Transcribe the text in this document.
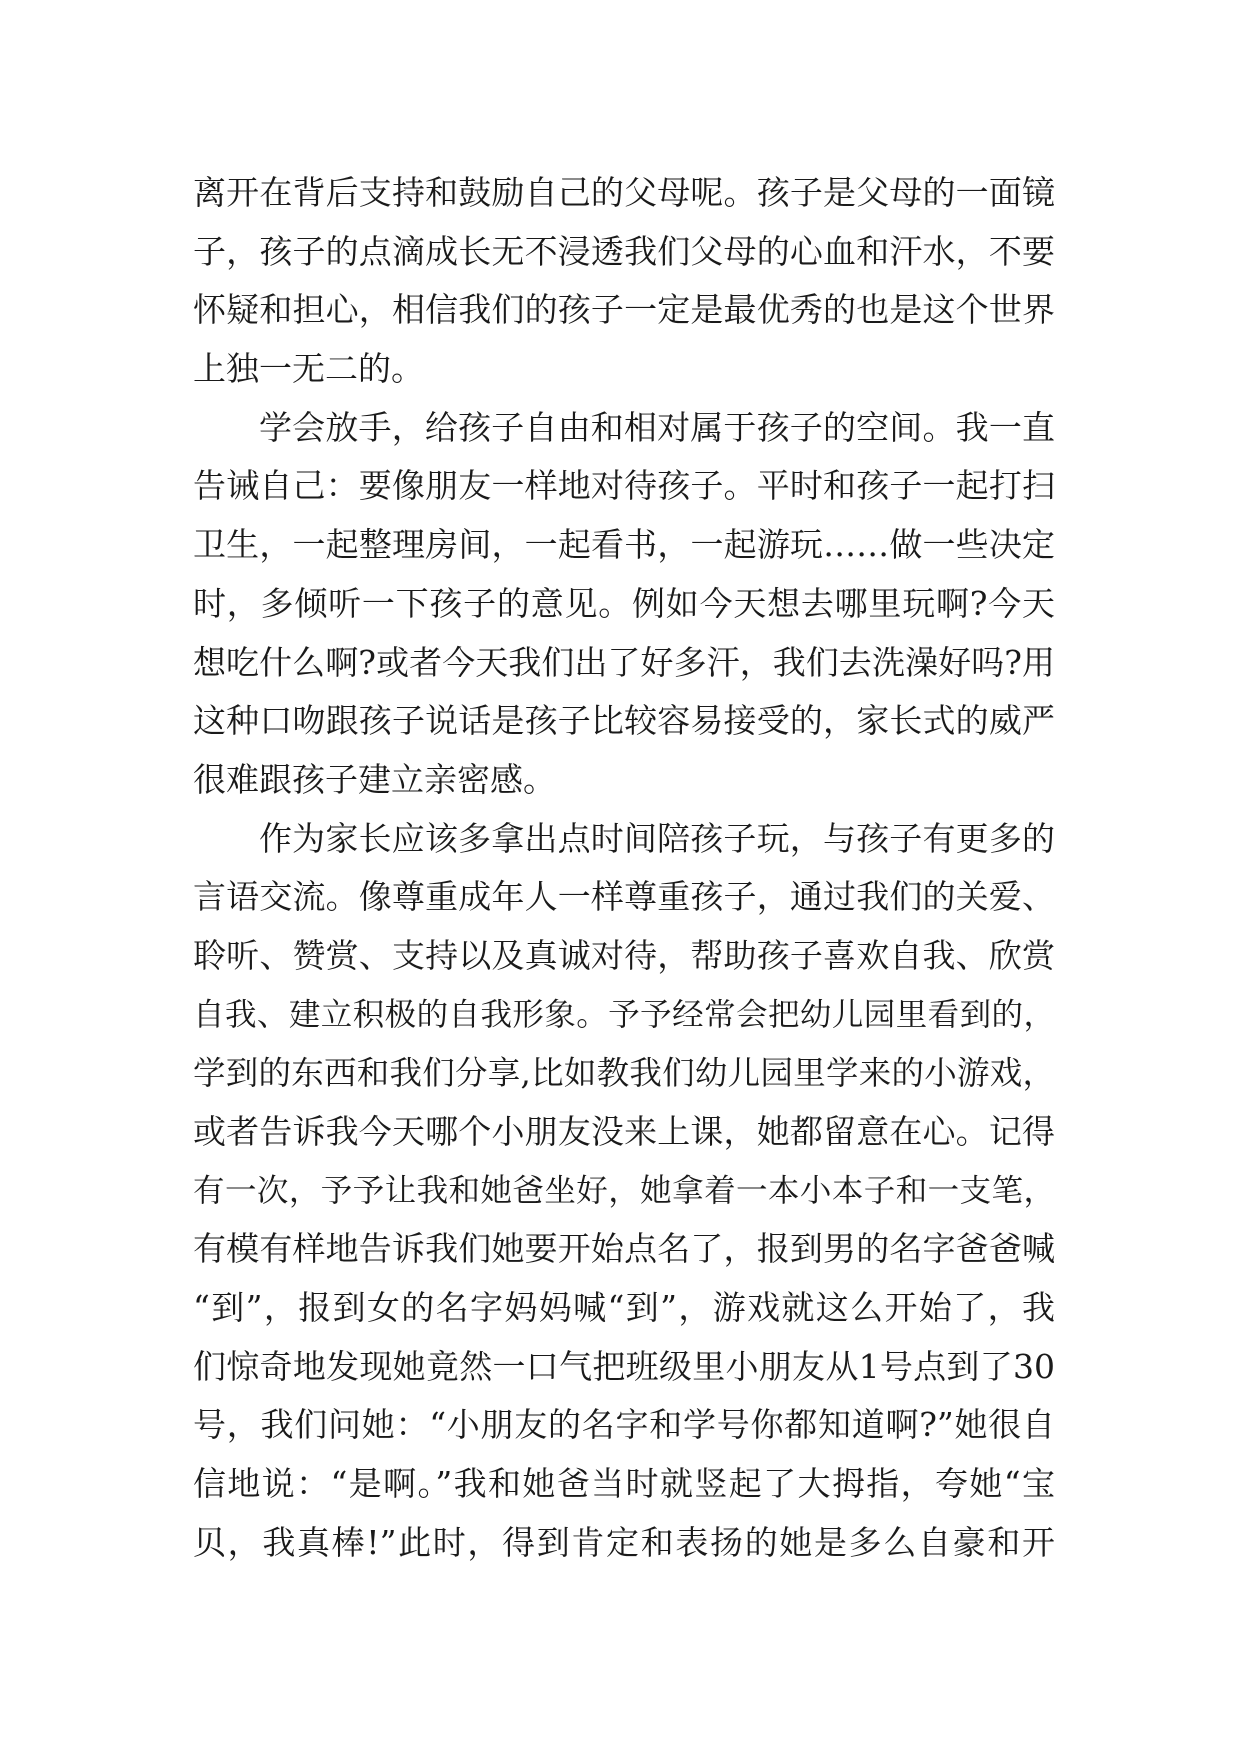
离开在背后支持和鼓励自己的父母呢。孩子是父母的一面镜
子，孩子的点滴成长无不浸透我们父母的心血和汗水，不要
怀疑和担心，相信我们的孩子一定是最优秀的也是这个世界
上独一无二的。
学会放手，给孩子自由和相对属于孩子的空间。我一直
告诫自己：要像朋友一样地对待孩子。平时和孩子一起打扫
卫生，一起整理房间，一起看书，一起游玩……做一些决定
时，多倾听一下孩子的意见。例如今天想去哪里玩啊?今天
想吃什么啊?或者今天我们出了好多汗，我们去洗澡好吗?用
这种口吻跟孩子说话是孩子比较容易接受的，家长式的威严
很难跟孩子建立亲密感。
作为家长应该多拿出点时间陪孩子玩，与孩子有更多的
言语交流。像尊重成年人一样尊重孩子，通过我们的关爱、
聆听、赞赏、支持以及真诚对待，帮助孩子喜欢自我、欣赏
自我、建立积极的自我形象。予予经常会把幼儿园里看到的，
学到的东西和我们分享,比如教我们幼儿园里学来的小游戏，
或者告诉我今天哪个小朋友没来上课，她都留意在心。记得
有一次，予予让我和她爸坐好，她拿着一本小本子和一支笔，
有模有样地告诉我们她要开始点名了，报到男的名字爸爸喊
“到”，报到女的名字妈妈喊“到”，游戏就这么开始了，我
们惊奇地发现她竟然一口气把班级里小朋友从1号点到了30
号，我们问她：“小朋友的名字和学号你都知道啊?”她很自
信地说：“是啊。”我和她爸当时就竖起了大拇指，夸她“宝
贝，我真棒!”此时，得到肯定和表扬的她是多么自豪和开
